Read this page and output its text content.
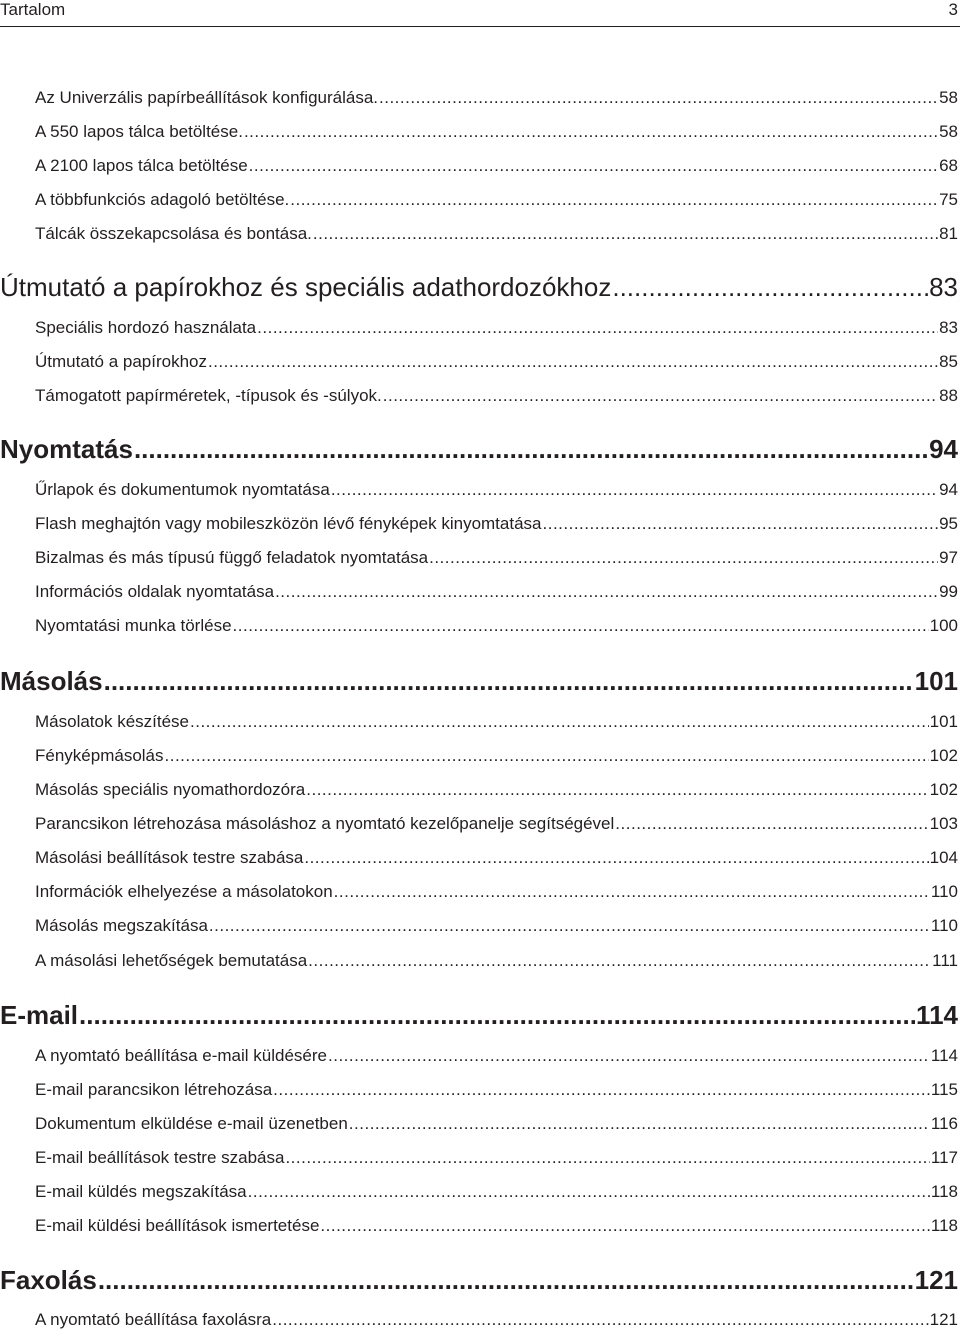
Tartalom	3
Az Univerzális papírbeállítások konfigurálása. .....	58
A 550 lapos tálca betöltése. .....	58
A 2100 lapos tálca betöltése .....	68
A többfunkciós adagoló betöltése. .....	75
Tálcák összekapcsolása és bontása. .....	81
Útmutató a papírokhoz és speciális adathordozókhoz .....	83
Speciális hordozó használata .....	83
Útmutató a papírokhoz .....	85
Támogatott papírméretek, -típusok és -súlyok. .....	88
Nyomtatás .....	94
Űrlapok és dokumentumok nyomtatása .....	94
Flash meghajtón vagy mobileszközön lévő fényképek kinyomtatása .....	95
Bizalmas és más típusú függő feladatok nyomtatása .....	97
Információs oldalak nyomtatása .....	99
Nyomtatási munka törlése .....	100
Másolás .....	101
Másolatok készítése .....	101
Fényképmásolás .....	102
Másolás speciális nyomathordozóra .....	102
Parancsikon létrehozása másoláshoz a nyomtató kezelőpanelje segítségével .....	103
Másolási beállítások testre szabása .....	104
Információk elhelyezése a másolatokon .....	110
Másolás megszakítása .....	110
A másolási lehetőségek bemutatása .....	111
E-mail .....	114
A nyomtató beállítása e-mail küldésére .....	114
E-mail parancsikon létrehozása .....	115
Dokumentum elküldése e-mail üzenetben .....	116
E-mail beállítások testre szabása .....	117
E-mail küldés megszakítása .....	118
E-mail küldési beállítások ismertetése .....	118
Faxolás .....	121
A nyomtató beállítása faxolásra .....	121
